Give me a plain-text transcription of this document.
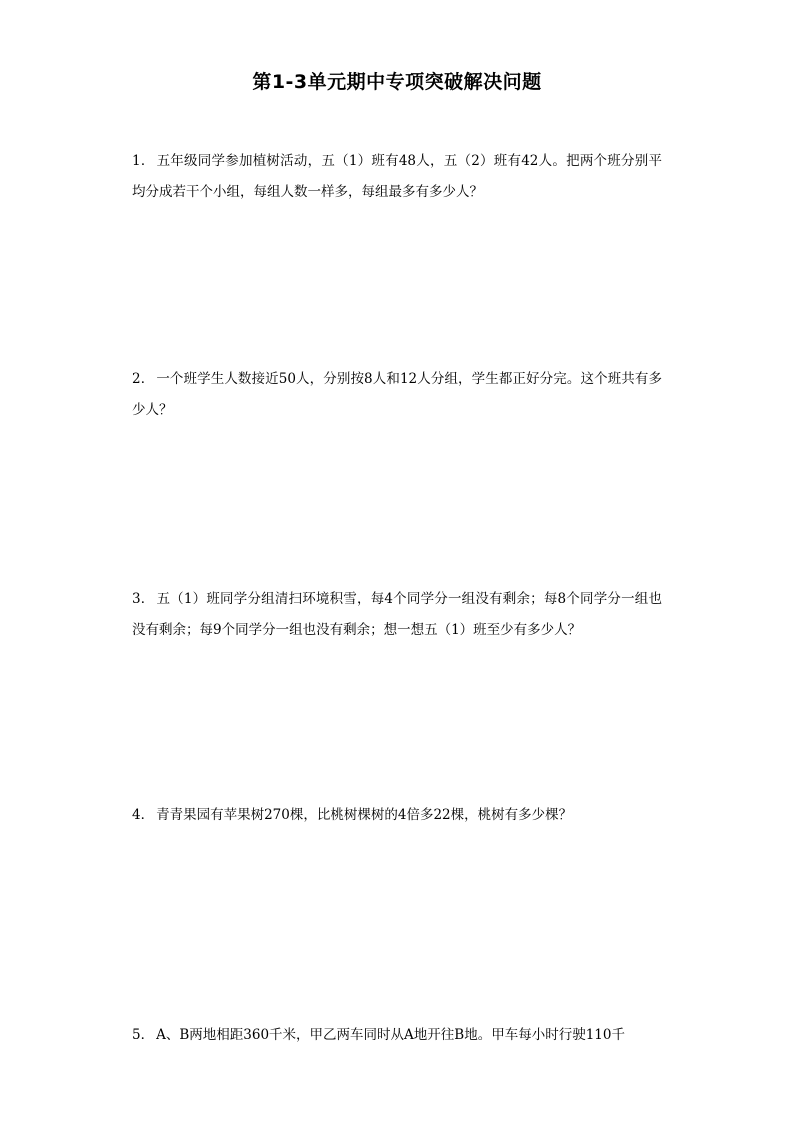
第1-3单元期中专项突破解决问题
1． 五年级同学参加植树活动，五（1）班有48人，五（2）班有42人。把两个班分别平均分成若干个小组，每组人数一样多，每组最多有多少人？
2． 一个班学生人数接近50人，分别按8人和12人分组，学生都正好分完。这个班共有多少人？
3． 五（1）班同学分组清扫环境积雪，每4个同学分一组没有剩余；每8个同学分一组也没有剩余；每9个同学分一组也没有剩余；想一想五（1）班至少有多少人？
4． 青青果园有苹果树270棵，比桃树棵树的4倍多22棵，桃树有多少棵？
5． A、B两地相距360千米，甲乙两车同时从A地开往B地。甲车每小时行驶110千
